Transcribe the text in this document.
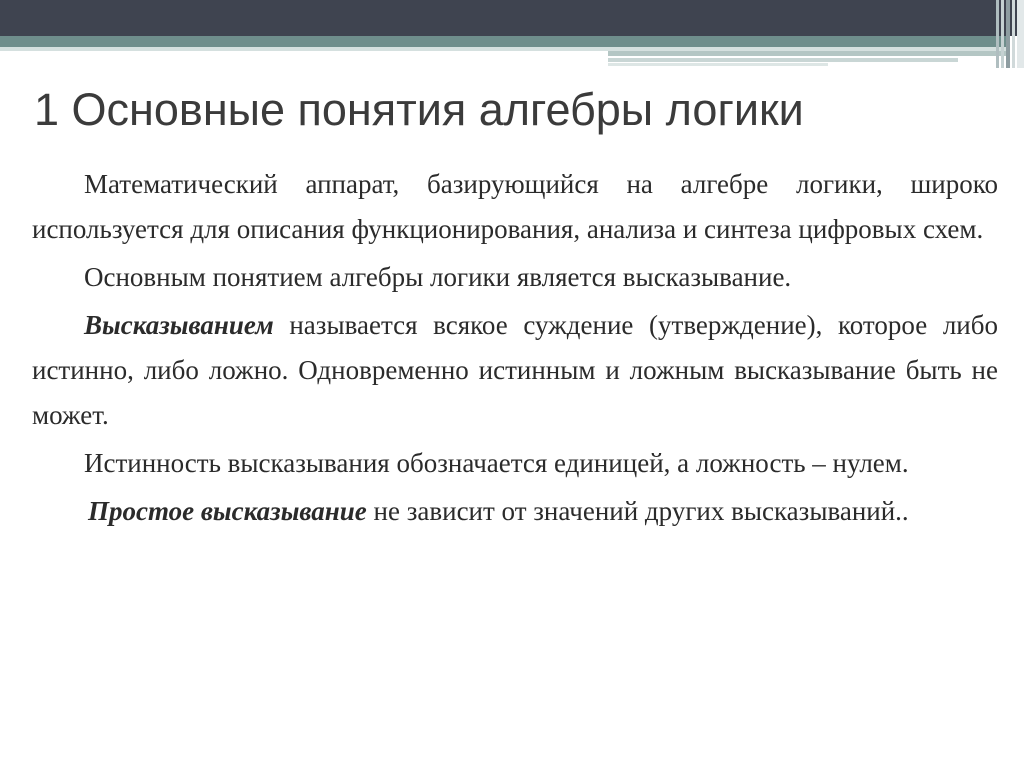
1 Основные понятия алгебры логики

Математический аппарат, базирующийся на алгебре логики, широко используется для описания функционирования, анализа и синтеза цифровых схем.

Основным понятием алгебры логики является высказывание.

Высказыванием называется всякое суждение (утверждение), которое либо истинно, либо ложно. Одновременно истинным и ложным высказывание быть не может.

Истинность высказывания обозначается единицей, а ложность – нулем.

Простое высказывание не зависит от значений других высказываний..
